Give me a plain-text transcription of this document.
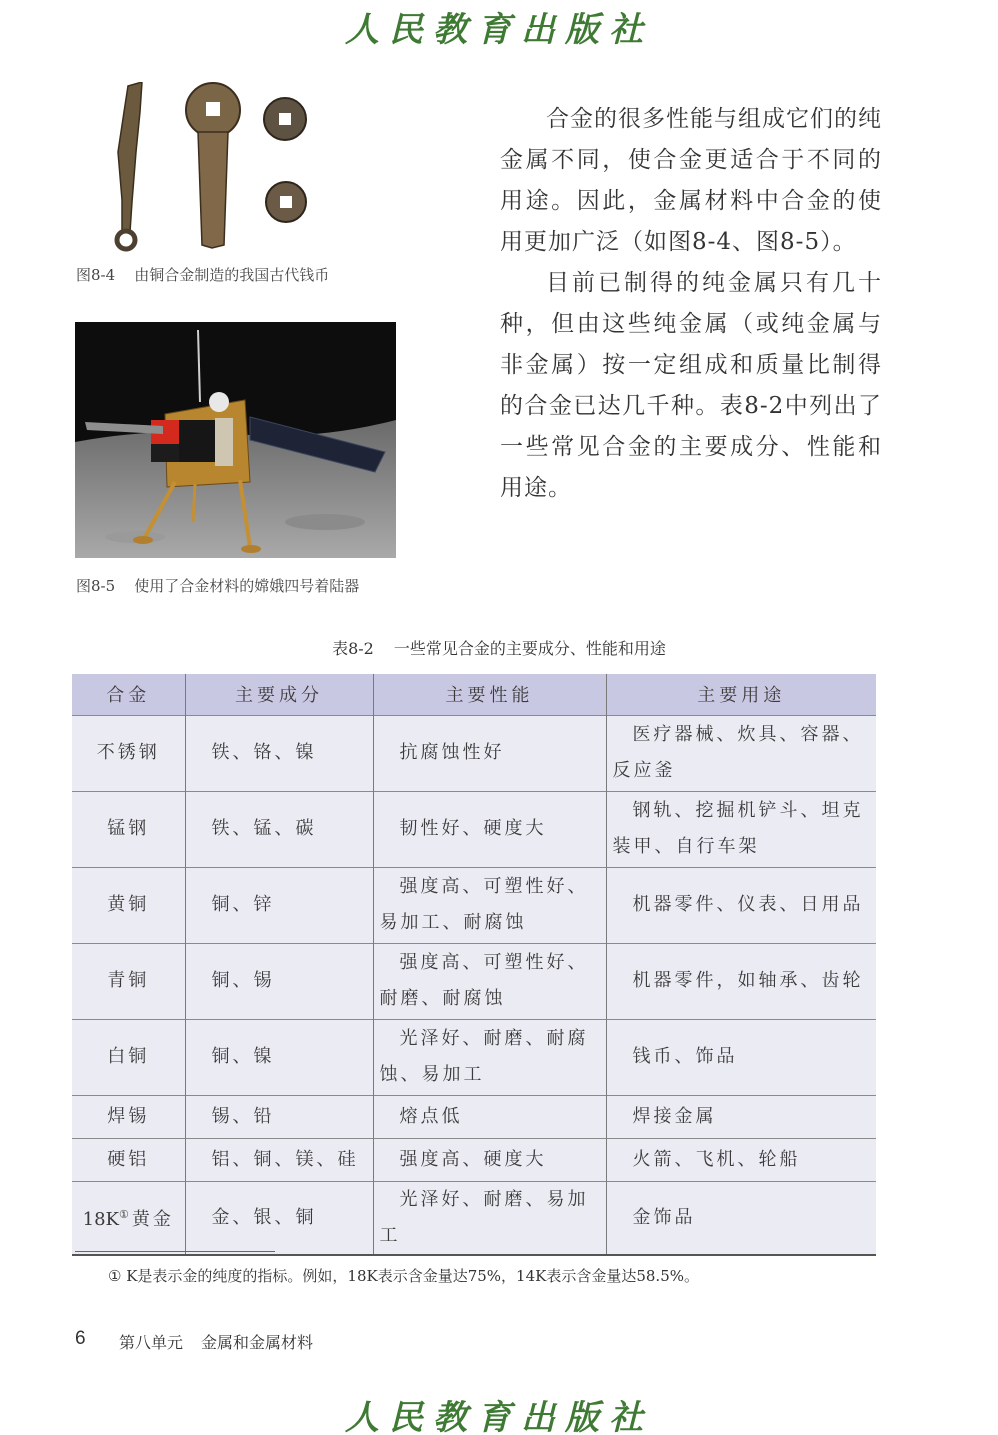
人民教育出版社
图8-4 由铜合金制造的我国古代钱币
图8-5 使用了合金材料的嫦娥四号着陆器

合金的很多性能与组成它们的纯金属不同，使合金更适合于不同的用途。因此，金属材料中合金的使用更加广泛（如图8-4、图8-5）。

目前已制得的纯金属只有几十种，但由这些纯金属（或纯金属与非金属）按一定组成和质量比制得的合金已达几千种。表8-2中列出了一些常见合金的主要成分、性能和用途。

表8-2 一些常见合金的主要成分、性能和用途
合金	主要成分	主要性能	主要用途
不锈钢	铁、铬、镍	抗腐蚀性好	医疗器械、炊具、容器、反应釜
锰钢	铁、锰、碳	韧性好、硬度大	钢轨、挖掘机铲斗、坦克装甲、自行车架
黄铜	铜、锌	强度高、可塑性好、易加工、耐腐蚀	机器零件、仪表、日用品
青铜	铜、锡	强度高、可塑性好、耐磨、耐腐蚀	机器零件，如轴承、齿轮
白铜	铜、镍	光泽好、耐磨、耐腐蚀、易加工	钱币、饰品
焊锡	锡、铅	熔点低	焊接金属
硬铝	铝、铜、镁、硅	强度高、硬度大	火箭、飞机、轮船
18K①黄金	金、银、铜	光泽好、耐磨、易加工	金饰品
① K是表示金的纯度的指标。例如，18K表示含金量达75%，14K表示含金量达58.5%。
6 第八单元 金属和金属材料
人民教育出版社
